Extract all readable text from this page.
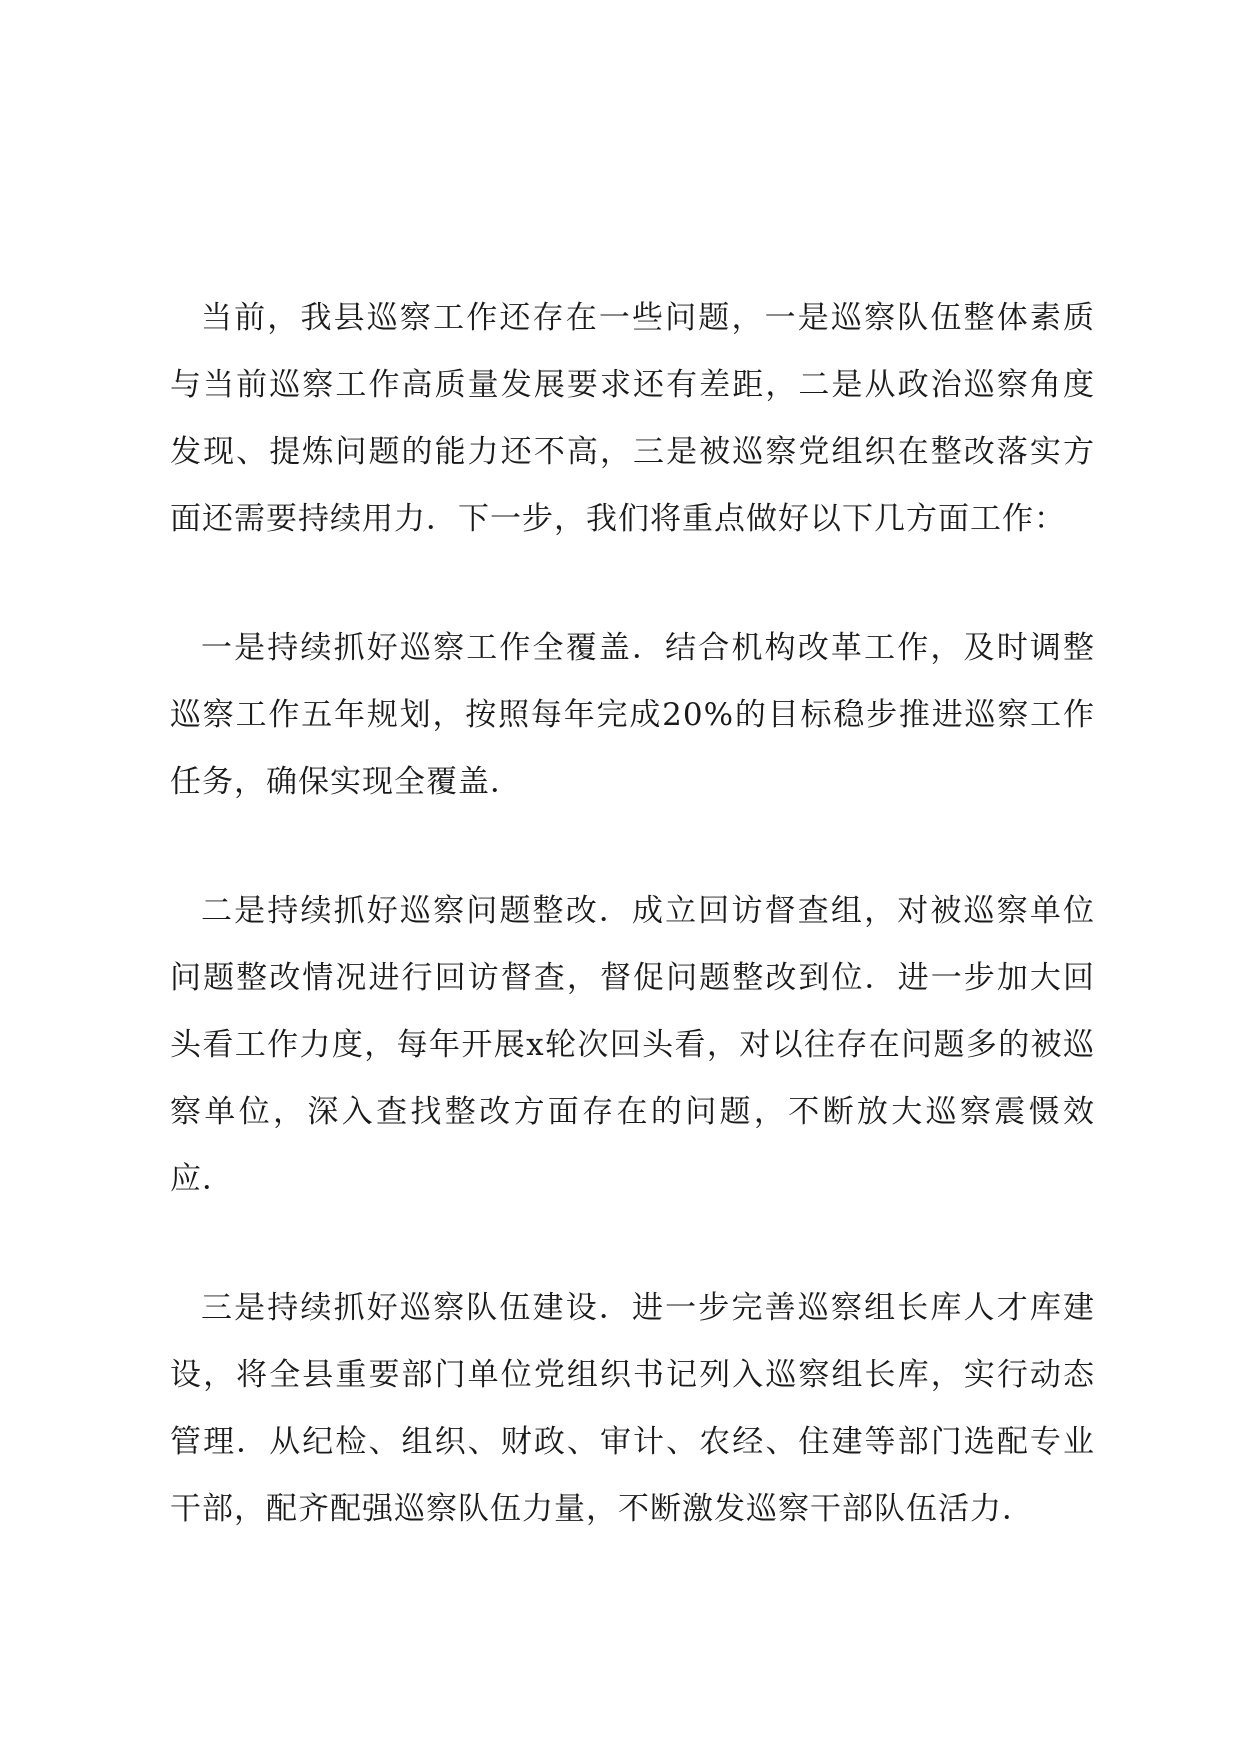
当前，我县巡察工作还存在一些问题，一是巡察队伍整体素质与当前巡察工作高质量发展要求还有差距，二是从政治巡察角度发现、提炼问题的能力还不高，三是被巡察党组织在整改落实方面还需要持续用力．下一步，我们将重点做好以下几方面工作：

一是持续抓好巡察工作全覆盖．结合机构改革工作，及时调整巡察工作五年规划，按照每年完成20%的目标稳步推进巡察工作任务，确保实现全覆盖．

二是持续抓好巡察问题整改．成立回访督查组，对被巡察单位问题整改情况进行回访督查，督促问题整改到位．进一步加大回头看工作力度，每年开展x轮次回头看，对以往存在问题多的被巡察单位，深入查找整改方面存在的问题，不断放大巡察震慑效应．

三是持续抓好巡察队伍建设．进一步完善巡察组长库人才库建设，将全县重要部门单位党组织书记列入巡察组长库，实行动态管理．从纪检、组织、财政、审计、农经、住建等部门选配专业干部，配齐配强巡察队伍力量，不断激发巡察干部队伍活力．
